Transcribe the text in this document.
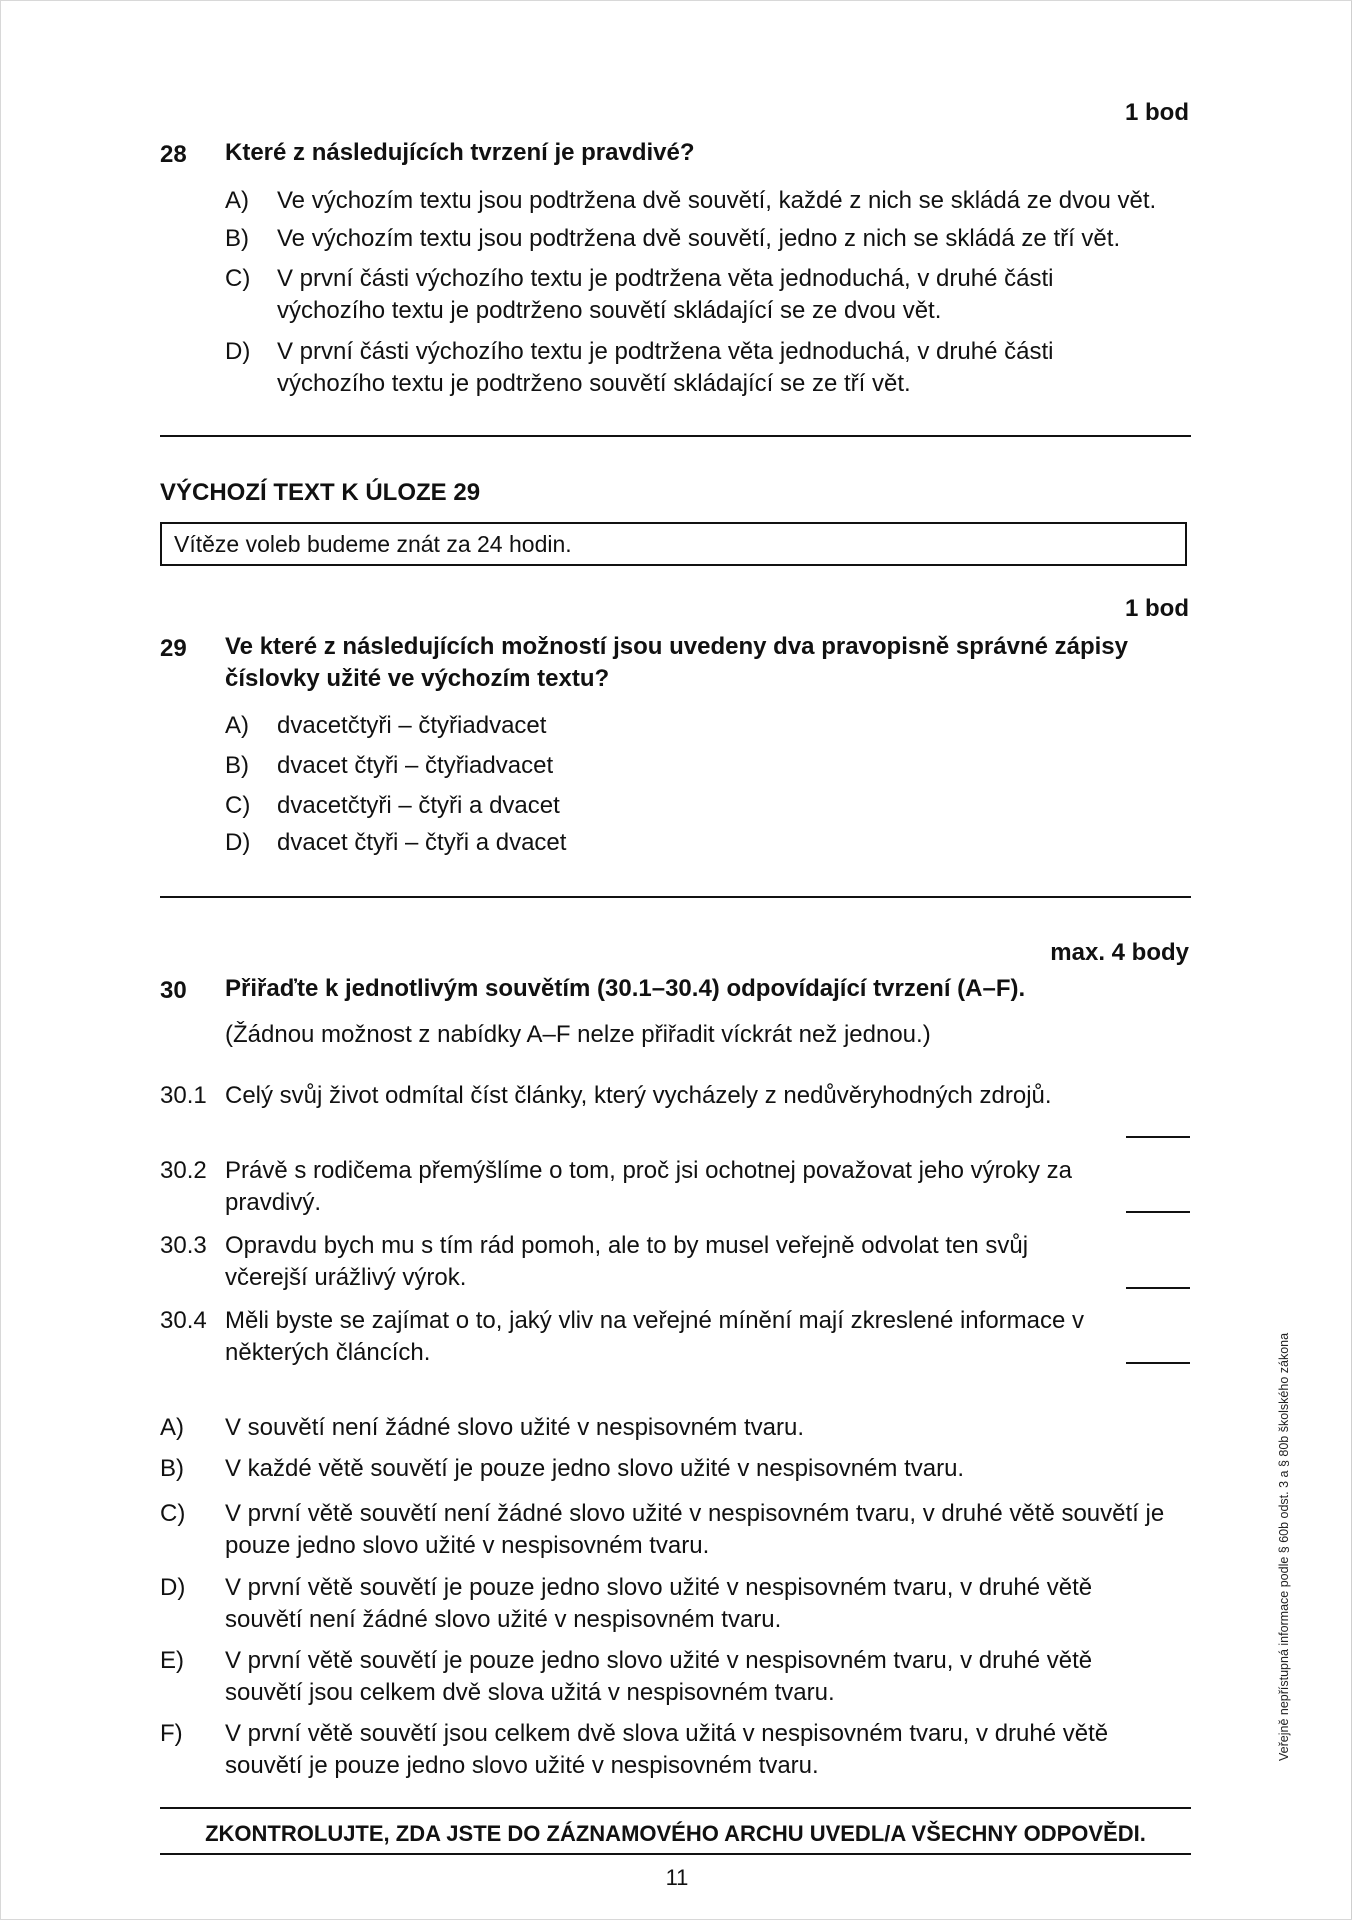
1 bod
28 Které z následujících tvrzení je pravdivé?
A) Ve výchozím textu jsou podtržena dvě souvětí, každé z nich se skládá ze dvou vět.
B) Ve výchozím textu jsou podtržena dvě souvětí, jedno z nich se skládá ze tří vět.
C) V první části výchozího textu je podtržena věta jednoduchá, v druhé části výchozího textu je podtrženo souvětí skládající se ze dvou vět.
D) V první části výchozího textu je podtržena věta jednoduchá, v druhé části výchozího textu je podtrženo souvětí skládající se ze tří vět.
VÝCHOZÍ TEXT K ÚLOZE 29
Vítěze voleb budeme znát za 24 hodin.
1 bod
29 Ve které z následujících možností jsou uvedeny dva pravopisně správné zápisy číslovky užité ve výchozím textu?
A) dvacetčtyři – čtyřiadvacet
B) dvacet čtyři – čtyřiadvacet
C) dvacetčtyři – čtyři a dvacet
D) dvacet čtyři – čtyři a dvacet
max. 4 body
30 Přiřaďte k jednotlivým souvětím (30.1–30.4) odpovídající tvrzení (A–F).
(Žádnou možnost z nabídky A–F nelze přiřadit víckrát než jednou.)
30.1 Celý svůj život odmítal číst články, který vycházely z nedůvěryhodných zdrojů.
30.2 Právě s rodičema přemýšlíme o tom, proč jsi ochotnej považovat jeho výroky za pravdivý.
30.3 Opravdu bych mu s tím rád pomoh, ale to by musel veřejně odvolat ten svůj včerejší urážlivý výrok.
30.4 Měli byste se zajímat o to, jaký vliv na veřejné mínění mají zkreslené informace v některých článcích.
A) V souvětí není žádné slovo užité v nespisovném tvaru.
B) V každé větě souvětí je pouze jedno slovo užité v nespisovném tvaru.
C) V první větě souvětí není žádné slovo užité v nespisovném tvaru, v druhé větě souvětí je pouze jedno slovo užité v nespisovném tvaru.
D) V první větě souvětí je pouze jedno slovo užité v nespisovném tvaru, v druhé větě souvětí není žádné slovo užité v nespisovném tvaru.
E) V první větě souvětí je pouze jedno slovo užité v nespisovném tvaru, v druhé větě souvětí jsou celkem dvě slova užitá v nespisovném tvaru.
F) V první větě souvětí jsou celkem dvě slova užitá v nespisovném tvaru, v druhé větě souvětí je pouze jedno slovo užité v nespisovném tvaru.
ZKONTROLUJTE, ZDA JSTE DO ZÁZNAMOVÉHO ARCHU UVEDL/A VŠECHNY ODPOVĚDI.
11
Veřejně nepřístupná informace podle § 60b odst. 3 a § 80b školského zákona
